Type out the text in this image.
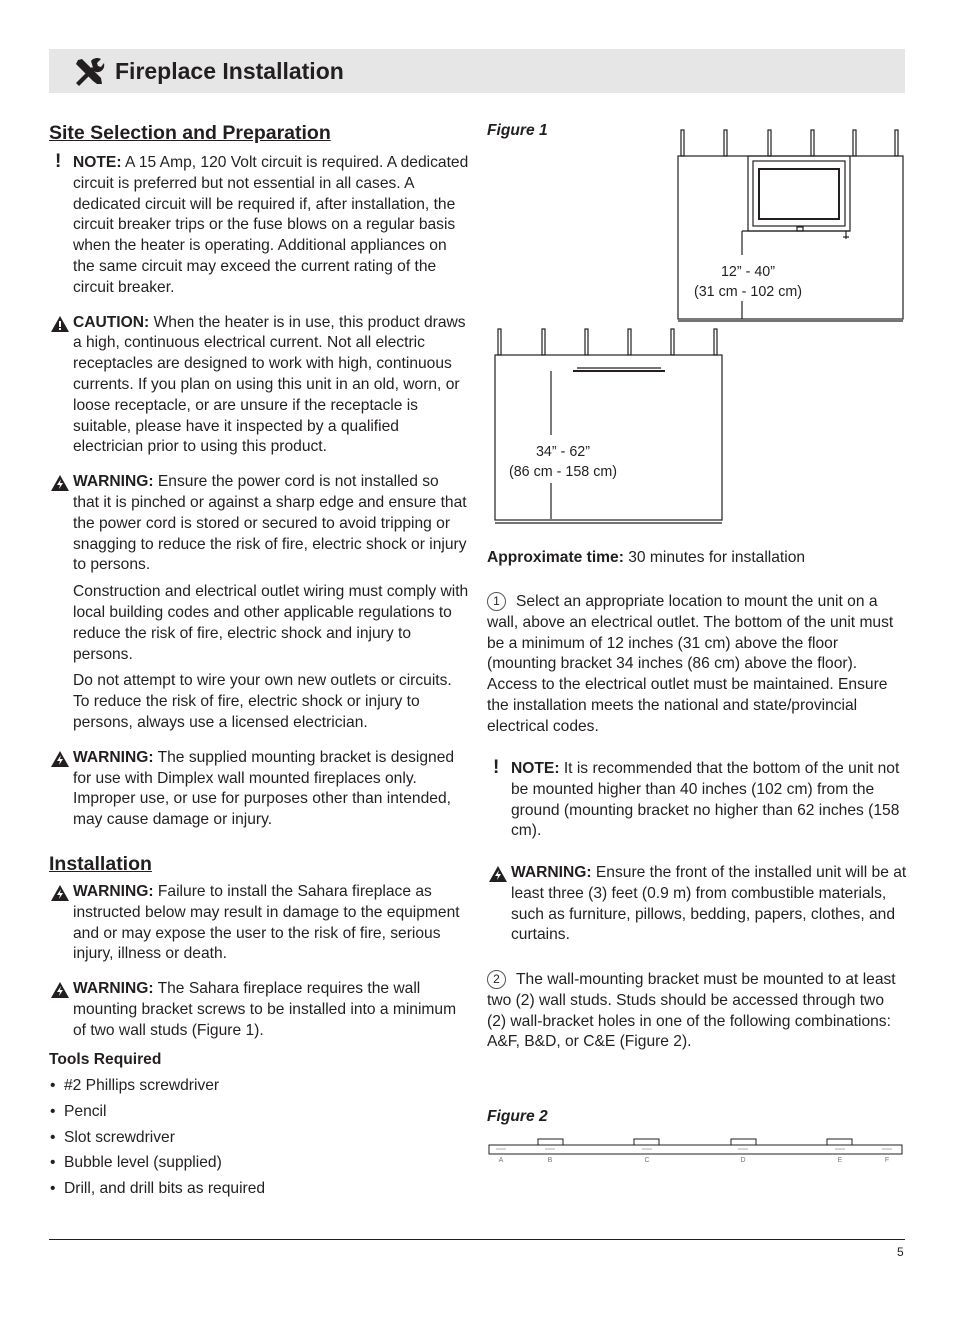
Fireplace Installation
Site Selection and Preparation
! NOTE: A 15 Amp, 120 Volt circuit is required. A dedicated circuit is preferred but not essential in all cases. A dedicated circuit will be required if, after installation, the circuit breaker trips or the fuse blows on a regular basis when the heater is operating. Additional appliances on the same circuit may exceed the current rating of the circuit breaker.

CAUTION: When the heater is in use, this product draws a high, continuous electrical current. Not all electric receptacles are designed to work with high, continuous currents. If you plan on using this unit in an old, worn, or loose receptacle, or are unsure if the receptacle is suitable, please have it inspected by a qualified electrician prior to using this product.

WARNING: Ensure the power cord is not installed so that it is pinched or against a sharp edge and ensure that the power cord is stored or secured to avoid tripping or snagging to reduce the risk of fire, electric shock or injury to persons.

Construction and electrical outlet wiring must comply with local building codes and other applicable regulations to reduce the risk of fire, electric shock and injury to persons.

Do not attempt to wire your own new outlets or circuits. To reduce the risk of fire, electric shock or injury to persons, always use a licensed electrician.

WARNING: The supplied mounting bracket is designed for use with Dimplex wall mounted fireplaces only. Improper use, or use for purposes other than intended, may cause damage or injury.

Installation

WARNING: Failure to install the Sahara fireplace as instructed below may result in damage to the equipment and or may expose the user to the risk of fire, serious injury, illness or death.

WARNING: The Sahara fireplace requires the wall mounting bracket screws to be installed into a minimum of two wall studs (Figure 1).

Tools Required
• #2 Phillips screwdriver
• Pencil
• Slot screwdriver
• Bubble level (supplied)
• Drill, and drill bits as required
Figure 1
12” - 40”
(31 cm - 102 cm)
34” - 62”
(86 cm - 158 cm)
Approximate time: 30 minutes for installation
1 Select an appropriate location to mount the unit on a wall, above an electrical outlet. The bottom of the unit must be a minimum of 12 inches (31 cm) above the floor (mounting bracket 34 inches (86 cm) above the floor). Access to the electrical outlet must be maintained. Ensure the installation meets the national and state/provincial electrical codes.
! NOTE: It is recommended that the bottom of the unit not be mounted higher than 40 inches (102 cm) from the ground (mounting bracket no higher than 62 inches (158 cm).

WARNING: Ensure the front of the installed unit will be at least three (3) feet (0.9 m) from combustible materials, such as furniture, pillows, bedding, papers, clothes, and curtains.

2 The wall-mounting bracket must be mounted to at least two (2) wall studs. Studs should be accessed through two (2) wall-bracket holes in one of the following combinations: A&F, B&D, or C&E (Figure 2).
Figure 2
A	B	C	D	E	F
5
